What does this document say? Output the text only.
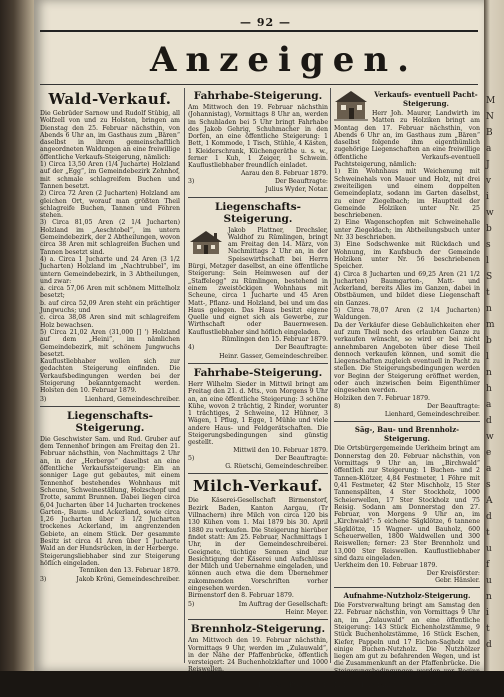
M
N
B
a
J
v
i
w
b
s
l
S
t
n
m
b
l
n
h
a
d
w
e
a
s
A
d
t
u
f
u
n
i
t
d
— 92 —
Anzeigen.
Wald-Verkauf.

Die Gebrüder Sarnow und Rudolf Stübig, all Wolfzell von und zu Holsten, bringen am Dienstag den 25. Februar nächsthin, von Abends 6 Uhr an, im Gasthaus zum „Bären“ daselbst in ihrem gemeinschaftlich angeordneten Waldungen an eine freiwillige öffentliche Verkaufs-Steigerung, nämlich:

1) Circa 13,50 Aren (1/4 Jucharte) Holzland auf der „Egg“, im Gemeindebezirk Zehnhof, mit schmale schlagreifem Buchen und Tannen besetzt.

2) Circa 72 Aren (2 Jucharten) Holzland am gleichen Ort, worauf man größten Theil schlagreife Buchen, Tannen und Föhren stehen.

3) Circa 81,05 Aren (2 1/4 Jucharten) Holzland im „Aeschtobel“, im untern Gemeindebezirk, der 2 Abtheilungen, wovon circa 38 Aren mit schlagreifen Buchen und Tannen besetzt sind.

4) a. Circa 1 Jucharte und 24 Aren (3 1/2 Jucharten) Holzland im „Nachtrubbel“, im untern Gemeindebezirk, in 3 Abtheilungen, und zwar:

a. circa 57,06 Aren mit schönem Mittelholz besetzt;

b. auf circa 52,09 Aren steht ein prächtiger Jungwuchs; und

c. circa 38,08 Aren sind mit schlagreifem Holz bewachsen.

5) Circa 21,02 Aren (31,000 [] ') Holzland auf dem „Heini“, im nämlichen Gemeindebezirk, mit schönem Jungwuchs besetzt.

Kauflustliebhaber wollen sich zur gedachten Steigerung einfinden. Die Verkaufsbedingungen werden bei der Steigerung bekanntgemacht werden. Holsten den 10. Februar 1879.

3)	Lienhard, Gemeindeschreiber.
Liegenschafts-Steigerung.

Die Geschwister Sam. und Rud. Gruber auf dem Tennenhof bringen am Freitag den 21. Februar nächsthin, von Nachmittags 2 Uhr an, in der „Herberge“ daselbst an eine öffentliche Verkaufssteigerung: Ein an sonniger Lage gut gebautes, mit einem Tennenhof bestehendes Wohnhaus mit Scheune, Schweineställung, Holzschopf und Trotte, sammt Brunnen. Dabei liegen circa 6,04 Jucharten über 14 Jucharten trockenes Garten-, Baum- und Ackerland, sowie circa 1,26 Jucharten über 3 1/2 Jucharten trockenes Ackerland, im angrenzenden Gebiete, an einem Stück. Der gesammte Besitz ist circa 41 Aren über 1 Jucharte Wald an der Hundsrücken, in der Herberge.

Steigerungsliebhaber sind zur Steigerung höflich eingeladen.

Tenniken den 13. Februar 1879.

3)	Jakob Kröni, Gemeindeschreiber.
Fahrhabe-Steigerung.

Am Mittwoch den 19. Februar nächsthin (Johannistag), Vormittags 8 Uhr an, werden im Schuhladen bei 5 Uhr bringt Fahrhabe des Jakob Gehrig, Schuhmacher in den Dorfen, an eine öffentliche Steigerung: 1 Bett, 1 Kommode, 1 Tisch, Stühle, 4 Kästen, 1 Kleiderschrank, Küchengeräthe u. s. w., ferner 1 Kuh, 1 Zeiger, 1 Schwein. Kauflustliebhaber freundlich einladet.

Aarau den 8. Februar 1879.

3)	Der Beauftragte:

Julius Wyder, Notar.

Liegenschafts-Steigerung.

Jakob Plattner, Drechsler, Waldhof zu Rümlingen, bringt am Freitag den 14. März, von Nachmittags 2 Uhr an, in der Speisewirthschaft bei Herrn Bürgi, Metzger daselbst, an eine öffentliche Steigerung: Sein Heimwesen auf der „Staffelegg“ zu Rümlingen, bestehend in einem zweistöckigen Wohnhaus mit Scheune, circa 1 Jucharte und 45 Aren Matt-, Pflanz- und Holzland, bei und um das Haus gelegen. Das Haus besitzt eigene Quelle und eignet sich als Gewerbe, zur Wirthschaft oder Bauernwesen. Kauflustliebhaber sind höflich eingeladen.

Rümlingen den 15. Februar 1879.

4)	Der Beauftragte:

Heinr. Gasser, Gemeindeschreiber.

Fahrhabe-Steigerung.

Herr Wilhelm Sieder in Mittwil bringt am Freitag den 21. d. Mts., von Morgens 9 Uhr an, an eine öffentliche Steigerung: 3 schöne Kühe, wovon 2 trächtig, 2 Rinder, worunter 1 trächtiges, 2 Schweine, 12 Hühner, 3 Wägen, 1 Pflug, 1 Egge, 1 Mühle und viele andere Haus- und Feldgerätschaften. Die Steigerungsbedingungen sind günstig gestellt.

Mittwil den 10. Februar 1879.

5)	Der Beauftragte:

G. Rüetschi, Gemeindeschreiber.

Milch-Verkauf.

Die Käserei-Gesellschaft Birmenstorf, Bezirk Baden, Kanton Aargau, (Tr Villnachern) ihre Milch von circa 120 bis 130 Kühen vom 1. Mai 1879 bis 30. April 1880 zu verkaufen. Die Steigerung hierüber findet statt: Am 25. Februar, Nachmittags 1 Uhr, in der Gemeindeschreiberei. Geeignete, tüchtige Sennen sind zur Besichtigung der Käserei und Aufschlüsse der Milch und Uebernahme eingeladen, und können auch etwa die dem Übernehmer zukommenden Vorschriften vorher eingesehen werden.

Birmenstorf den 8. Februar 1879.

5)	Im Auftrag der Gesellschaft:

Heinr. Meyer.

Brennholz-Steigerung.

Am Mittwoch den 19. Februar nächsthin, Vormittags 9 Uhr, werden im „Zulauwald“, in der Nähe der Pfaffenbrücke, öffentlich versteigert: 24 Buchenholzklafter und 1000 Reiswellen.

Laufenburg den 13. Februar 1879.

2)	J. J. Zäch, Kreisförster.
Verkaufs- eventuell Pacht-Steigerung.

Herr Joh. Maurer, Landwirth im Matten zu Holziken bringt am Montag den 17. Februar nächsthin, von Abends 6 Uhr an, im Gasthaus zum „Bären“ daselbst folgende ihm eigenthümlich zugehörige Liegenschaften an eine freiwillige öffentliche Verkaufs-eventuell Pachtsteigerung, nämlich:

1) Ein Wohnhaus mit Weichenung mit Schweinehals von Mauer und Holz, mit drei zweiteiligen und einem doppelten Gemeindeplatz, sodann im Garten daselbst, zu einer Ziegelbach; im Hauptteil der Gemeinde Holziken unter Nr. 25 beschriebenen.

2) Eine Wagenschopfen mit Schweinehalle unter Ziegeldach; im Abtheilungsbuch unter Nr. 33 beschrieben.

3) Eine Sodschwenke mit Rückdach und Wohnung, im Kaufsbuch der Gemeinde Holziken unter Nr. 56 beschriebenen Speicher.

4) Circa 8 Jucharten und 69,25 Aren (21 1/2 Jucharten) Baumgarten-, Matt- und Ackerland, bereits Alles im Ganzen, dabei in Obstbäumen, und bildet diese Liegenschaft ein Ganzes.

5) Circa 78,07 Aren (2 1/4 Jucharten) Waldungen.

Da der Verkäufer diese Gebäulichkeiten eher auf zum Theil noch des erlaubten Ganze zu verkaufen wünscht, so wird er bei nicht annehmbaren Angeboten über diese Theil dennoch verkaufen können, und somit die Liegenschaften zugleich eventuell in Pacht zu stellen. Die Steigerungsbedingungen werden vor Beginn der Steigerung eröffnet werden, oder auch inzwischen beim Eigenthümer eingesehen werden.

Holziken den 7. Februar 1879.

8)	Der Beauftragte:

Lienhard, Gemeindeschreiber.

Säg-, Bau- und Brennholz-Steigerung.

Die Ortsbürgergemeinde Uerkheim bringt am Donnerstag den 20. Februar nächsthin, von Vormittags 9 Uhr an, im „Birchwald“ öffentlich zur Steigerung: 1 Buchen- und 2 Tannen-Klötzer, 4,84 Festmeter, 1 Föhre mit 0,41 Festmeter, 42 Ster Mischholz, 15 Ster Tannenspälten, 4 Ster Stockholz, 1000 Scheierwellen, 17 Ster Stockholz und 75 Reisig. Sodann am Donnerstag den 27. Februar, von Morgens 9 Uhr an, im „Kirchwald“: 5 eichene Sägklötze, 6 tannene Sägklötze, 15 Wagner- und Bauholz, 600 Scheuerwellen, 1800 Waldwellen und 300 Reiswellen; ferner: 23 Ster Brennholz und 13,000 Ster Reiswellen. Kauflustliebhaber sind dazu eingeladen.

Uerkheim den 10. Februar 1879.

Der Kreisförster:

Gebr. Hänsler.

Aufnahme-Nutzholz-Steigerung.

Die Forstverwaltung bringt am Samstag den 22. Februar nächsthin, von Vormittags 9 Uhr an, im „Zulauwald“ an eine öffentliche Steigerung: 143 Stück Eichenholzstämme, 9 Stück Buchenholzstämme, 16 Stück Eschen, Kiefer, Pappeln und 17 Eichen-Sagholz und einige Buchen-Nutzholz. Die Nutzhölzer liegen am gut zu befahrenden Wegen, und ist die Zusammenkunft an der Pfaffenbrücke. Die Steigerungsbedingungen werden vor Beginn der Steigerung bekannt gemacht.

Liebegg bei Gränichen den 13. Februar 1879.

Joh. Neuenschwander.
